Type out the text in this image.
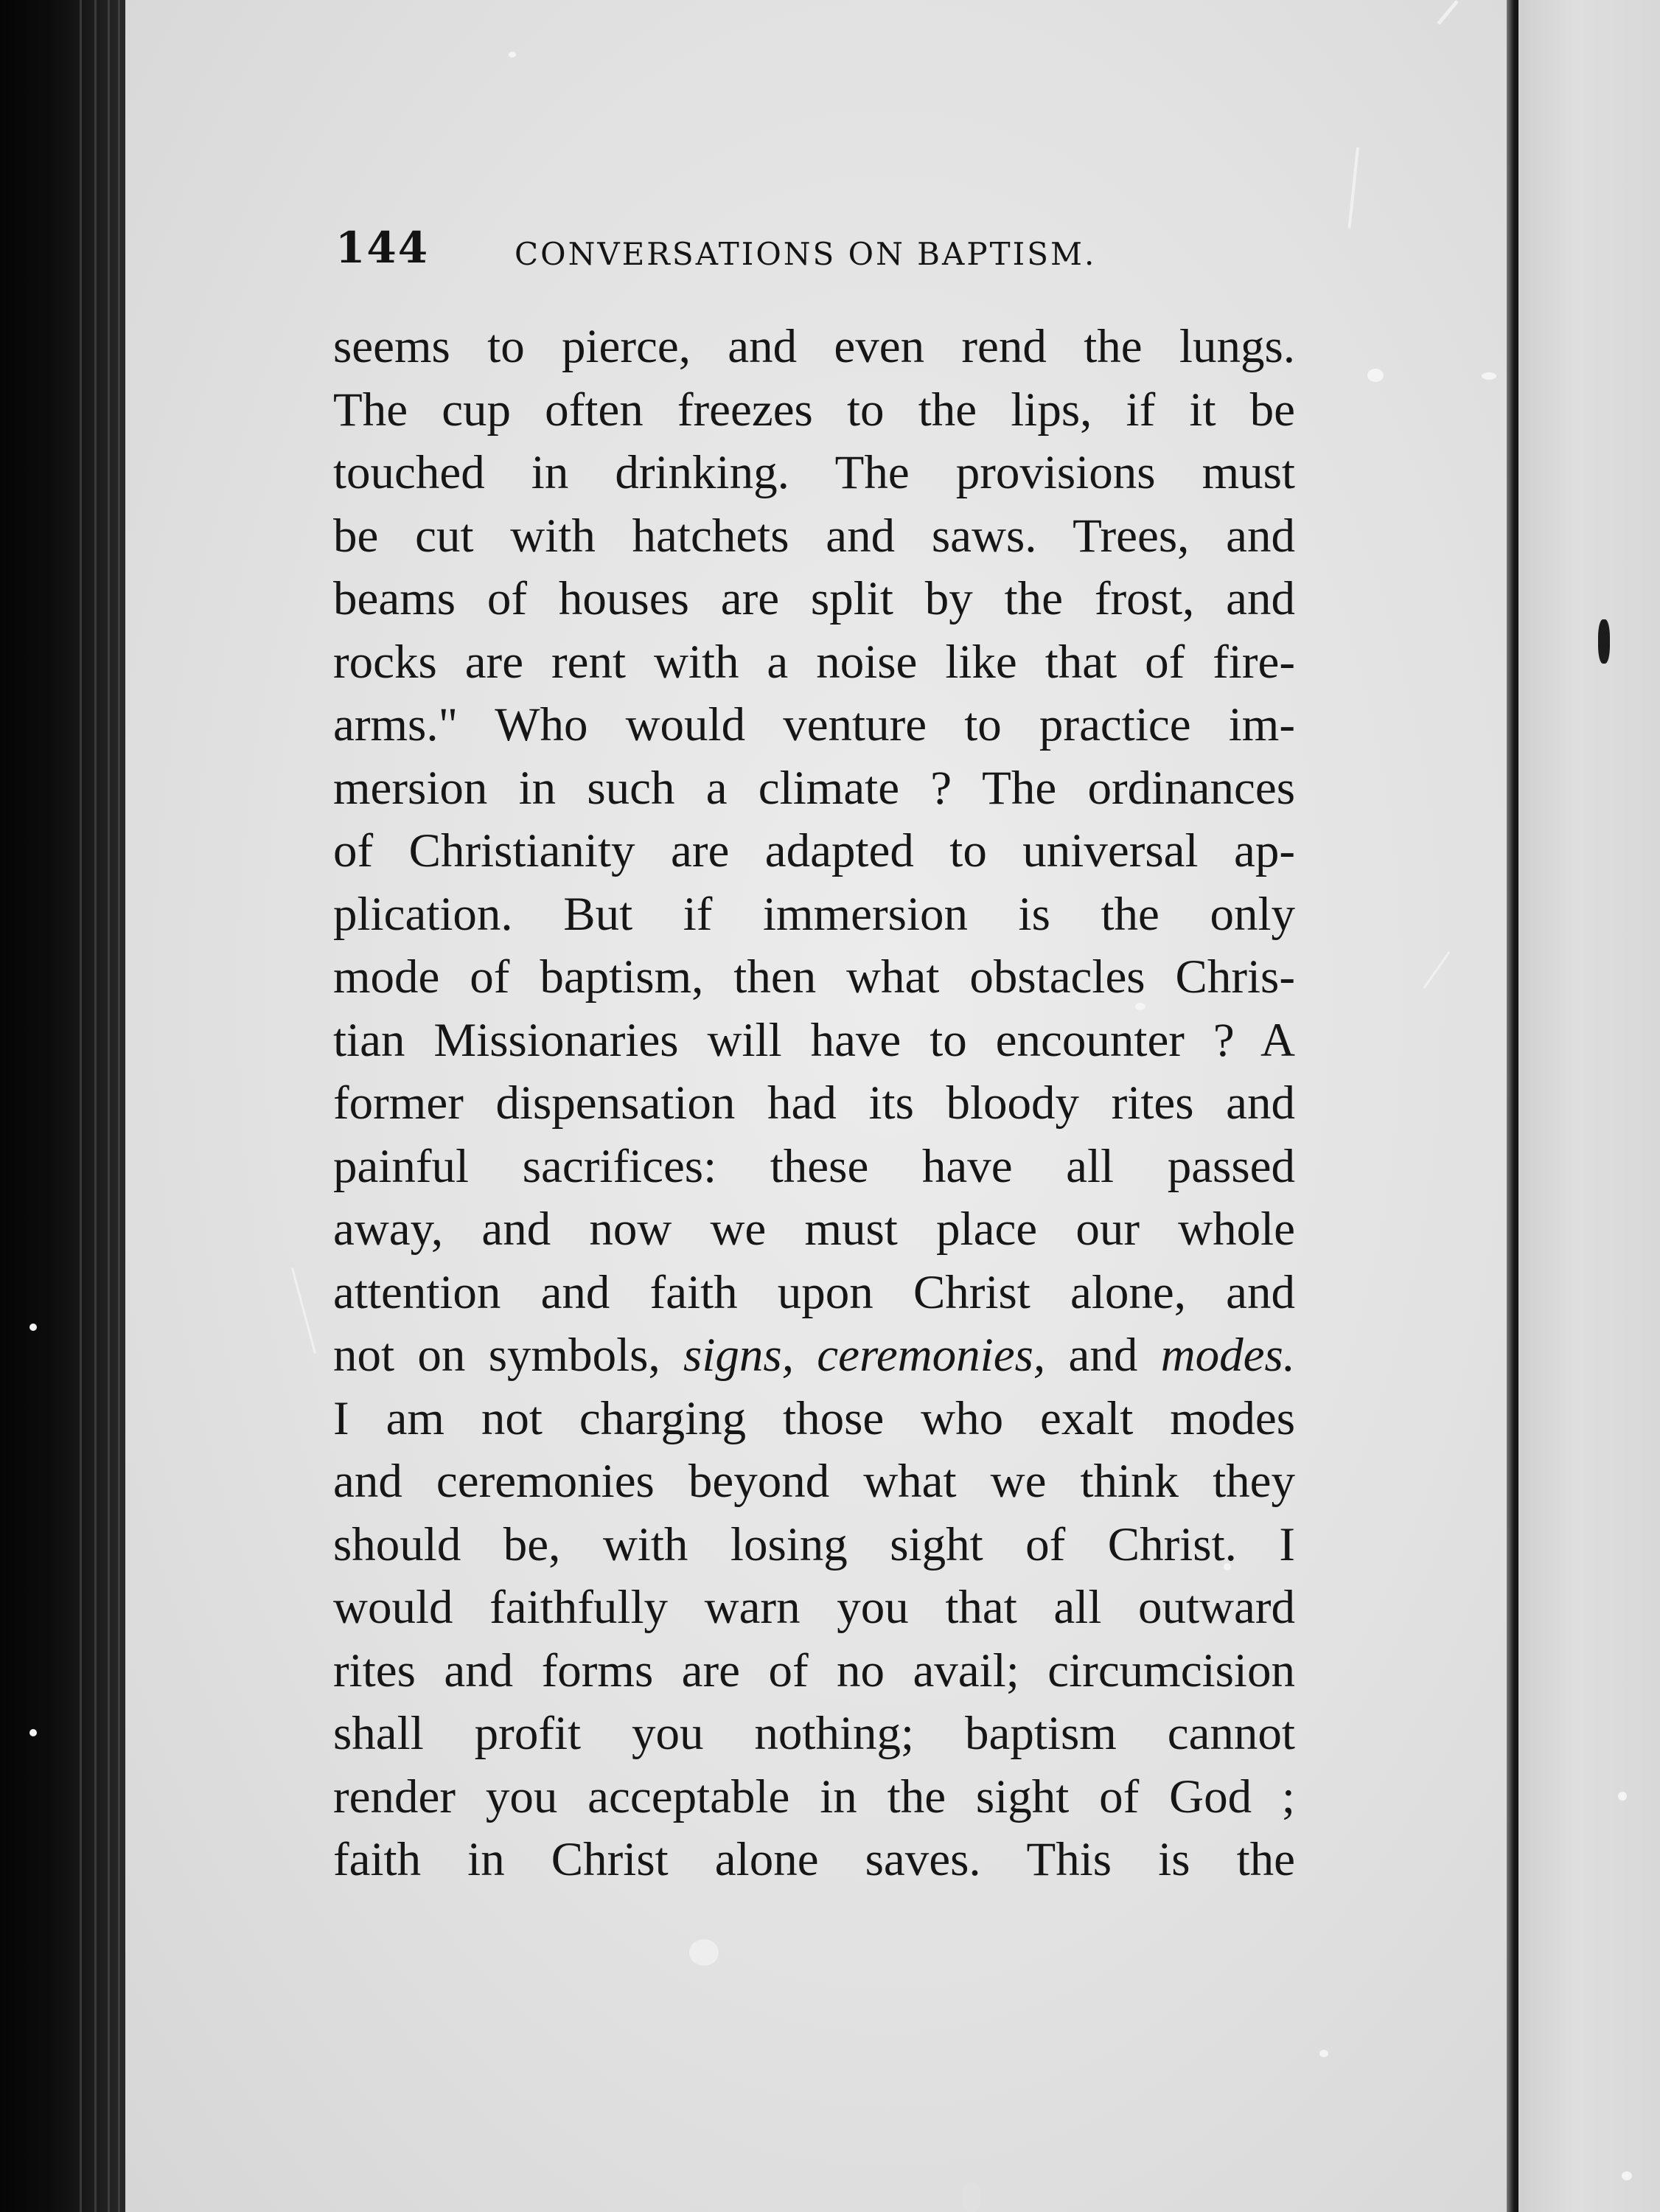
144	CONVERSATIONS ON BAPTISM.
seems to pierce, and even rend the lungs.
The cup often freezes to the lips, if it be
touched in drinking. The provisions must
be cut with hatchets and saws. Trees, and
beams of houses are split by the frost, and
rocks are rent with a noise like that of fire-
arms." Who would venture to practice im-
mersion in such a climate ? The ordinances
of Christianity are adapted to universal ap-
plication. But if immersion is the only
mode of baptism, then what obstacles Chris-
tian Missionaries will have to encounter ? A
former dispensation had its bloody rites and
painful sacrifices: these have all passed
away, and now we must place our whole
attention and faith upon Christ alone, and
not on symbols, signs, ceremonies, and modes.
I am not charging those who exalt modes
and ceremonies beyond what we think they
should be, with losing sight of Christ. I
would faithfully warn you that all outward
rites and forms are of no avail; circumcision
shall profit you nothing; baptism cannot
render you acceptable in the sight of God ;
faith in Christ alone saves. This is the
